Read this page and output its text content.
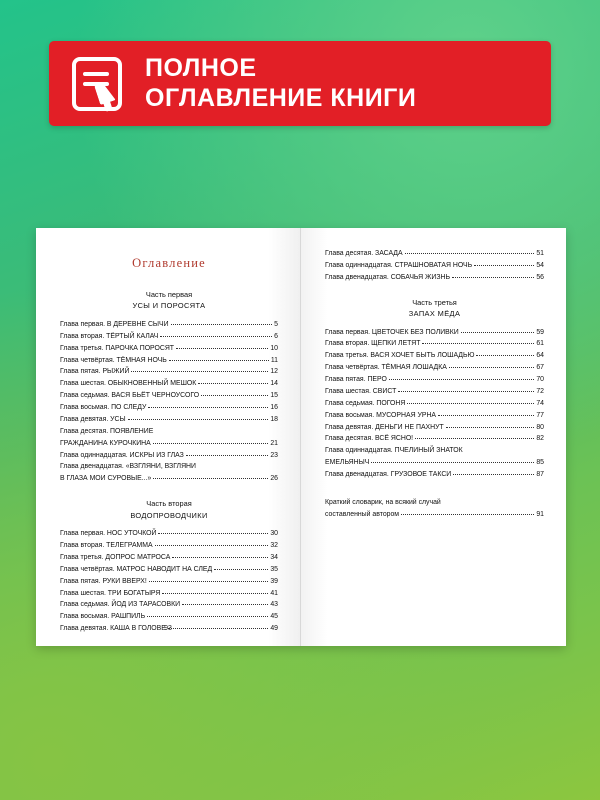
ПОЛНОЕ
ОГЛАВЛЕНИЕ КНИГИ
Оглавление
Часть первая
УСЫ И ПОРОСЯТА
Глава первая. В ДЕРЕВНЕ СЫЧИ	5
Глава вторая. ТЁРТЫЙ КАЛАЧ	6
Глава третья. ПАРОЧКА ПОРОСЯТ	10
Глава четвёртая. ТЁМНАЯ НОЧЬ	11
Глава пятая. РЫЖИЙ	12
Глава шестая. ОБЫКНОВЕННЫЙ МЕШОК	14
Глава седьмая. ВАСЯ БЬЁТ ЧЕРНОУСОГО	15
Глава восьмая. ПО СЛЕДУ	16
Глава девятая. УСЫ	18
Глава десятая. ПОЯВЛЕНИЕ
ГРАЖДАНИНА КУРОЧКИНА	21
Глава одиннадцатая. ИСКРЫ ИЗ ГЛАЗ	23
Глава двенадцатая. «ВЗГЛЯНИ, ВЗГЛЯНИ
В ГЛАЗА МОИ СУРОВЫЕ...»	26
Часть вторая
ВОДОПРОВОДЧИКИ
Глава первая. НОС УТОЧКОЙ	30
Глава вторая. ТЕЛЕГРАММА	32
Глава третья. ДОПРОС МАТРОСА	34
Глава четвёртая. МАТРОС НАВОДИТ НА СЛЕД	35
Глава пятая. РУКИ ВВЕРХ!	39
Глава шестая. ТРИ БОГАТЫРЯ	41
Глава седьмая. ЙОД ИЗ ТАРАСОВКИ	43
Глава восьмая. РАШПИЛЬ	45
Глава девятая. КАША В ГОЛОВЕ	49
93
Глава десятая. ЗАСАДА	51
Глава одиннадцатая. СТРАШНОВАТАЯ НОЧЬ	54
Глава двенадцатая. СОБАЧЬЯ ЖИЗНЬ	56
Часть третья
ЗАПАХ МЁДА
Глава первая. ЦВЕТОЧЕК БЕЗ ПОЛИВКИ	59
Глава вторая. ЩЕПКИ ЛЕТЯТ	61
Глава третья. ВАСЯ ХОЧЕТ БЫТЬ ЛОШАДЬЮ	64
Глава четвёртая. ТЁМНАЯ ЛОШАДКА	67
Глава пятая. ПЕРО	70
Глава шестая. СВИСТ	72
Глава седьмая. ПОГОНЯ	74
Глава восьмая. МУСОРНАЯ УРНА	77
Глава девятая. ДЕНЬГИ НЕ ПАХНУТ	80
Глава десятая. ВСЁ ЯСНО!	82
Глава одиннадцатая. ПЧЕЛИНЫЙ ЗНАТОК
ЕМЕЛЬЯНЫЧ	85
Глава двенадцатая. ГРУЗОВОЕ ТАКСИ	87
Краткий словарик, на всякий случай
составленный автором	91
